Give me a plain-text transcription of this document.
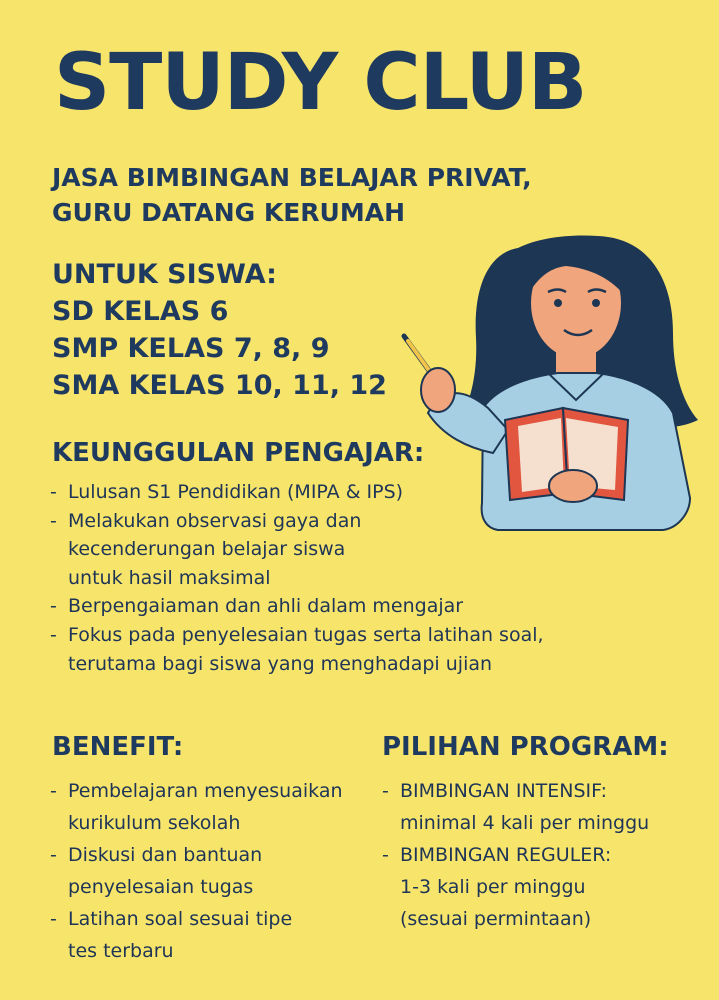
STUDY CLUB
JASA BIMBINGAN BELAJAR PRIVAT,
GURU DATANG KERUMAH
UNTUK SISWA:
SD KELAS 6
SMP KELAS 7, 8, 9
SMA KELAS 10, 11, 12
KEUNGGULAN PENGAJAR:
- Lulusan S1 Pendidikan (MIPA & IPS)
- Melakukan observasi gaya dan
kecenderungan belajar siswa
untuk hasil maksimal
- Berpengaiaman dan ahli dalam mengajar
- Fokus pada penyelesaian tugas serta latihan soal,
terutama bagi siswa yang menghadapi ujian
BENEFIT:
- Pembelajaran menyesuaikan
kurikulum sekolah
- Diskusi dan bantuan
penyelesaian tugas
- Latihan soal sesuai tipe
tes terbaru
PILIHAN PROGRAM:
- BIMBINGAN INTENSIF:
minimal 4 kali per minggu
- BIMBINGAN REGULER:
1-3 kali per minggu
(sesuai permintaan)
